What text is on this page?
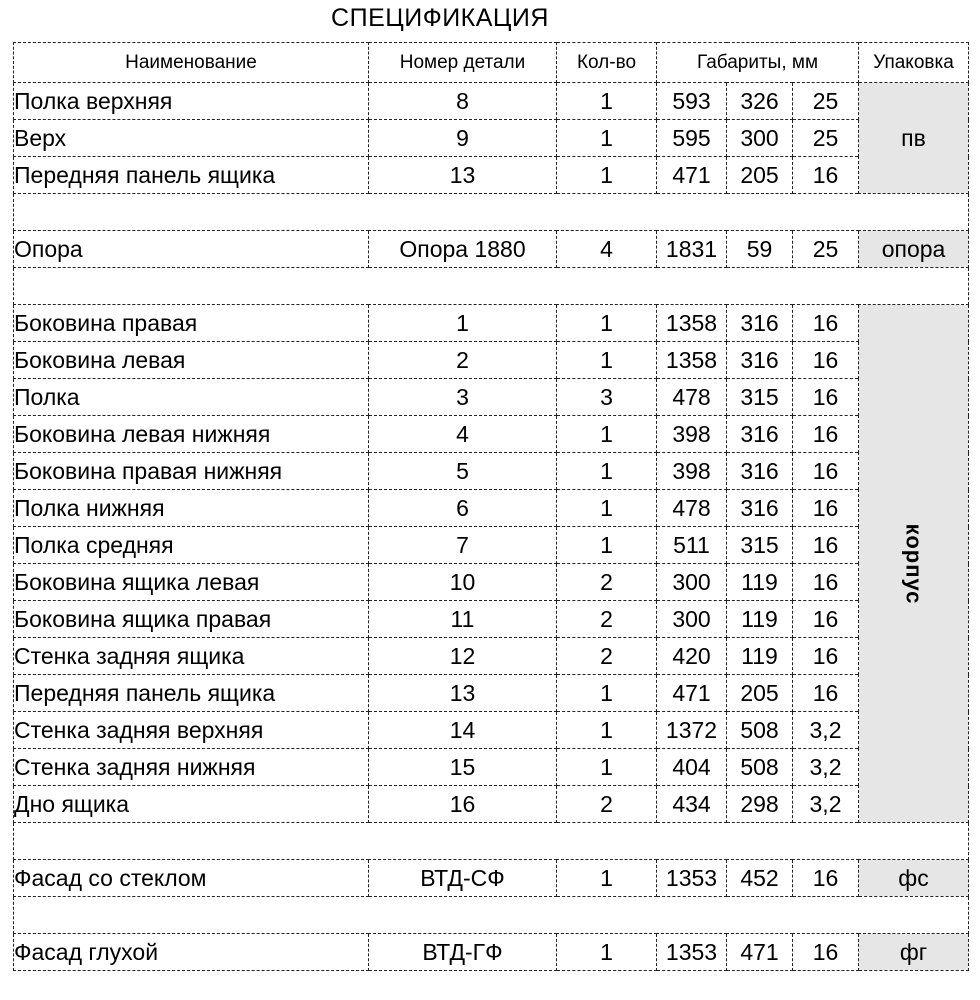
СПЕЦИФИКАЦИЯ
Наименование	Номер детали	Кол-во	Габариты, мм			Упаковка
Полка верхняя	8	1	593	326	25	пв
Верх	9	1	595	300	25	
Передняя панель ящика	13	1	471	205	16	

Опора	Опора 1880	4	1831	59	25	опора

Боковина правая	1	1	1358	316	16	корпус
Боковина левая	2	1	1358	316	16	
Полка	3	3	478	315	16	
Боковина левая нижняя	4	1	398	316	16	
Боковина правая нижняя	5	1	398	316	16	
Полка нижняя	6	1	478	316	16	
Полка средняя	7	1	511	315	16	
Боковина ящика левая	10	2	300	119	16	
Боковина ящика правая	11	2	300	119	16	
Стенка задняя ящика	12	2	420	119	16	
Передняя панель ящика	13	1	471	205	16	
Стенка задняя верхняя	14	1	1372	508	3,2	
Стенка задняя нижняя	15	1	404	508	3,2	
Дно ящика	16	2	434	298	3,2	

Фасад со стеклом	ВТД-СФ	1	1353	452	16	фс

Фасад глухой	ВТД-ГФ	1	1353	471	16	фг
